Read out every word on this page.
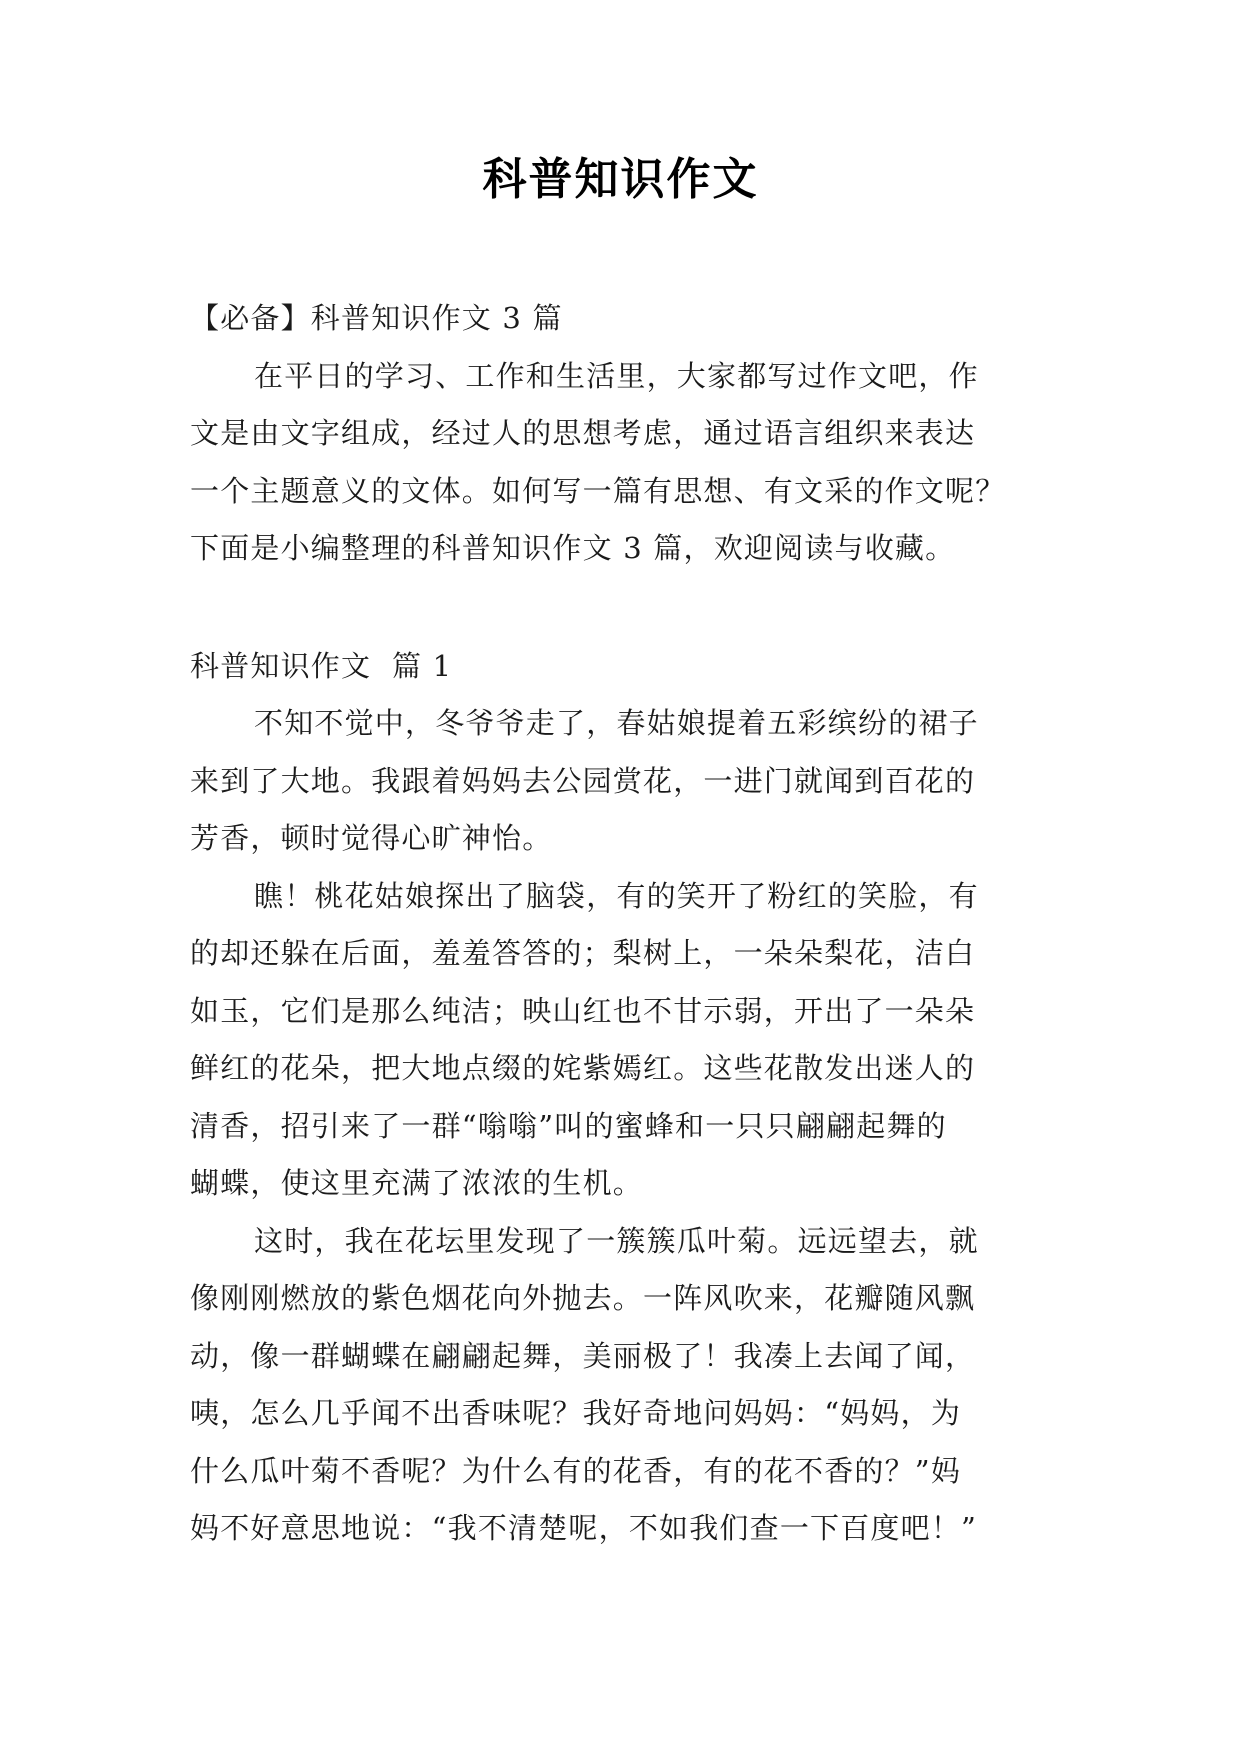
科普知识作文
【必备】科普知识作文 3 篇
在平日的学习、工作和生活里，大家都写过作文吧，作
文是由文字组成，经过人的思想考虑，通过语言组织来表达
一个主题意义的文体。如何写一篇有思想、有文采的作文呢？
下面是小编整理的科普知识作文 3 篇，欢迎阅读与收藏。
科普知识作文  篇 1
不知不觉中，冬爷爷走了，春姑娘提着五彩缤纷的裙子
来到了大地。我跟着妈妈去公园赏花，一进门就闻到百花的
芳香，顿时觉得心旷神怡。
瞧！桃花姑娘探出了脑袋，有的笑开了粉红的笑脸，有
的却还躲在后面，羞羞答答的；梨树上，一朵朵梨花，洁白
如玉，它们是那么纯洁；映山红也不甘示弱，开出了一朵朵
鲜红的花朵，把大地点缀的姹紫嫣红。这些花散发出迷人的
清香，招引来了一群“嗡嗡”叫的蜜蜂和一只只翩翩起舞的
蝴蝶，使这里充满了浓浓的生机。
这时，我在花坛里发现了一簇簇瓜叶菊。远远望去，就
像刚刚燃放的紫色烟花向外抛去。一阵风吹来，花瓣随风飘
动，像一群蝴蝶在翩翩起舞，美丽极了！我凑上去闻了闻，
咦，怎么几乎闻不出香味呢？我好奇地问妈妈：“妈妈，为
什么瓜叶菊不香呢？为什么有的花香，有的花不香的？”妈
妈不好意思地说：“我不清楚呢，不如我们查一下百度吧！”
